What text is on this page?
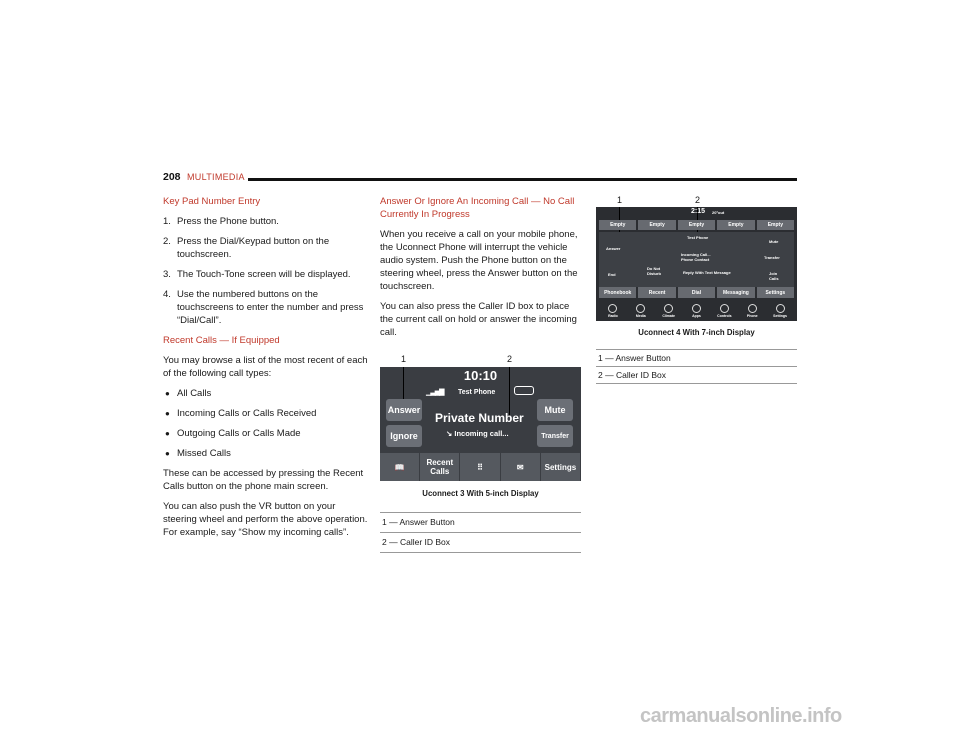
208 MULTIMEDIA
Key Pad Number Entry
1. Press the Phone button.
2. Press the Dial/Keypad button on the touchscreen.
3. The Touch-Tone screen will be displayed.
4. Use the numbered buttons on the touchscreens to enter the number and press “Dial/Call”.
Recent Calls — If Equipped

You may browse a list of the most recent of each of the following call types:

● All Calls
● Incoming Calls or Calls Received
● Outgoing Calls or Calls Made
● Missed Calls

These can be accessed by pressing the Recent Calls button on the phone main screen.

You can also push the VR button on your steering wheel and perform the above operation. For example, say “Show my incoming calls”.

Answer Or Ignore An Incoming Call — No Call Currently In Progress

When you receive a call on your mobile phone, the Uconnect Phone will interrupt the vehicle audio system. Push the Phone button on the steering wheel, press the Answer button on the touchscreen.

You can also press the Caller ID box to place the current call on hold or answer the incoming call.

1	2
10:10
▁▃▅▇ Test Phone
Answer
Ignore
Private Number
↘ Incoming call...
Mute
Transfer
📖	Recent Calls	⠿	✉	Settings
Uconnect 3 With 5-inch Display
1 — Answer Button
2 — Caller ID Box
1	2
2:15 20°out
Empty	Empty	Empty	Empty	Empty
Answer
End
Test Phone
Incoming Call... Phone Contact
Do Not Disturb	Reply With Text Message
Mute
Transfer
Join Calls
Phonebook	Recent	Dial	Messaging	Settings
Radio	Media	Climate	Apps	Controls	Phone	Settings
Uconnect 4 With 7-inch Display
1 — Answer Button
2 — Caller ID Box
carmanualsonline.info
